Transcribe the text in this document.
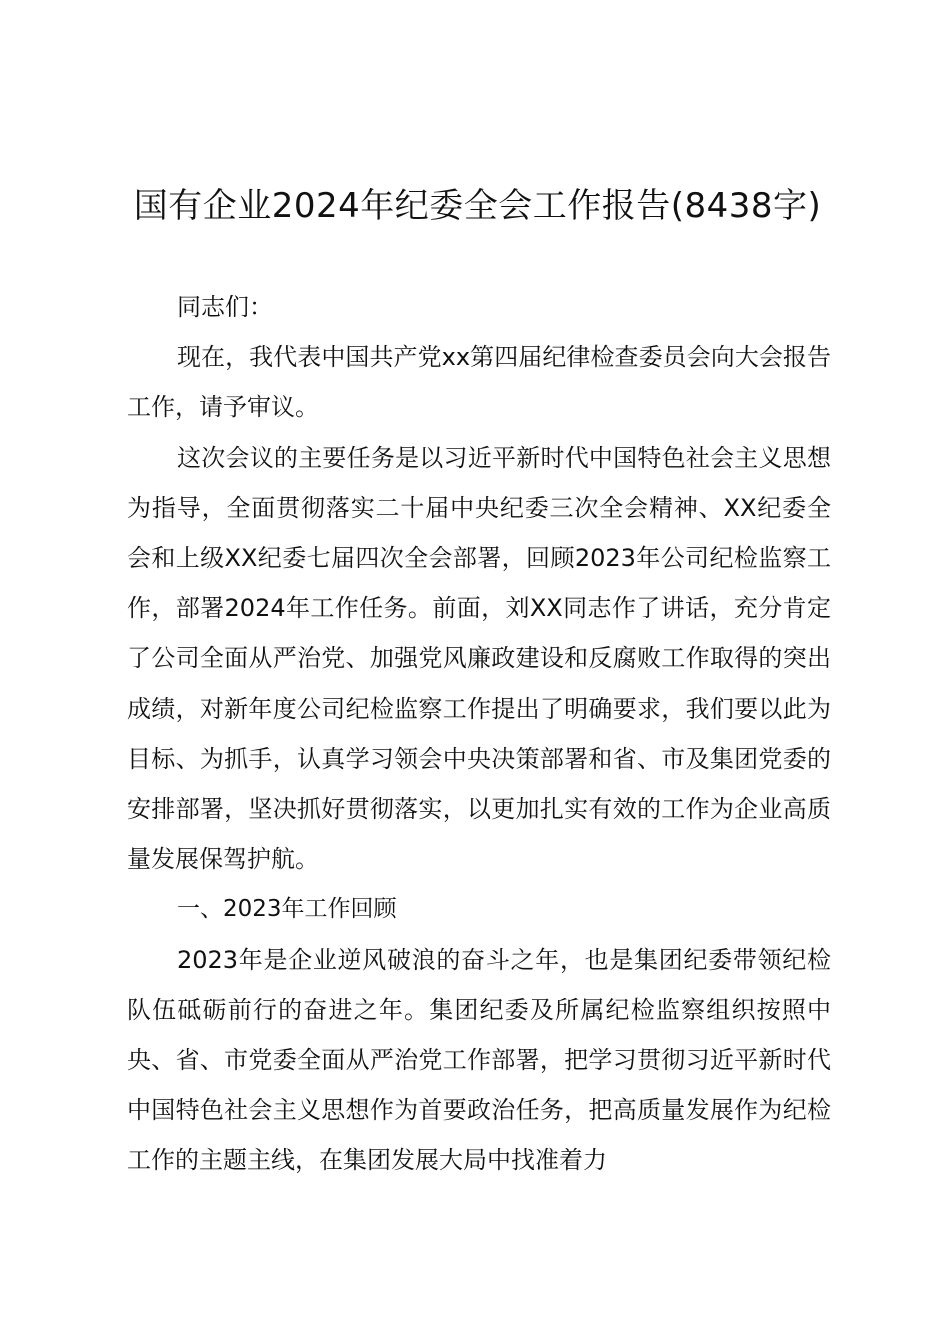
国有企业2024年纪委全会工作报告(8438字)

同志们：

现在，我代表中国共产党xx第四届纪律检查委员会向大会报告工作，请予审议。

这次会议的主要任务是以习近平新时代中国特色社会主义思想为指导，全面贯彻落实二十届中央纪委三次全会精神、XX纪委全会和上级XX纪委七届四次全会部署，回顾2023年公司纪检监察工作，部署2024年工作任务。前面，刘XX同志作了讲话，充分肯定了公司全面从严治党、加强党风廉政建设和反腐败工作取得的突出成绩，对新年度公司纪检监察工作提出了明确要求，我们要以此为目标、为抓手，认真学习领会中央决策部署和省、市及集团党委的安排部署，坚决抓好贯彻落实，以更加扎实有效的工作为企业高质量发展保驾护航。

一、2023年工作回顾

2023年是企业逆风破浪的奋斗之年，也是集团纪委带领纪检队伍砥砺前行的奋进之年。集团纪委及所属纪检监察组织按照中央、省、市党委全面从严治党工作部署，把学习贯彻习近平新时代中国特色社会主义思想作为首要政治任务，把高质量发展作为纪检工作的主题主线，在集团发展大局中找准着力
